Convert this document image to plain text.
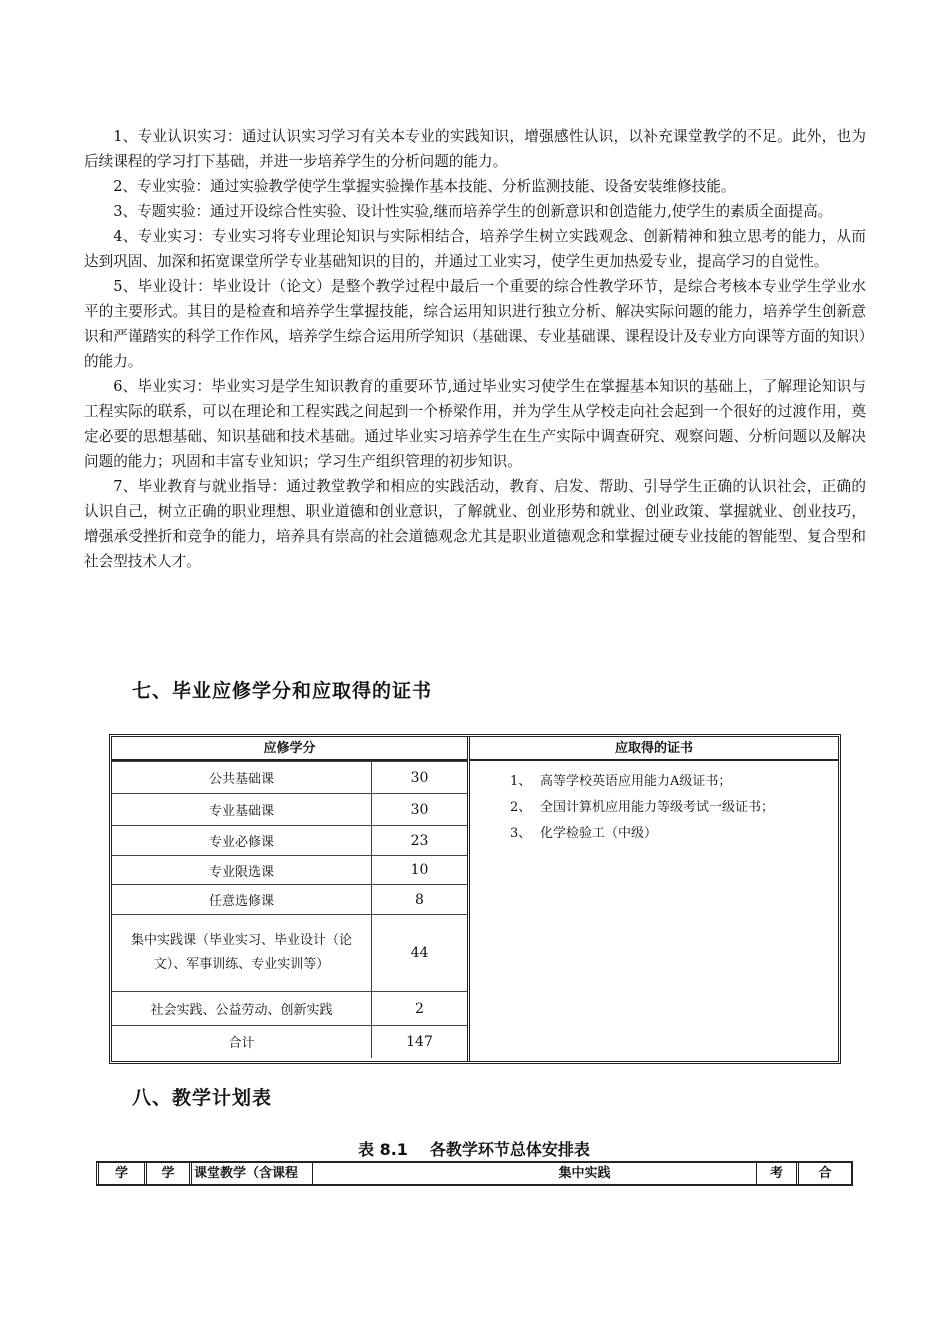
1、专业认识实习：通过认识实习学习有关本专业的实践知识，增强感性认识，以补充课堂教学的不足。此外，也为后续课程的学习打下基础，并进一步培养学生的分析问题的能力。

2、专业实验：通过实验教学使学生掌握实验操作基本技能、分析监测技能、设备安装维修技能。

3、专题实验：通过开设综合性实验、设计性实验,继而培养学生的创新意识和创造能力,使学生的素质全面提高。

4、专业实习：专业实习将专业理论知识与实际相结合，培养学生树立实践观念、创新精神和独立思考的能力，从而达到巩固、加深和拓宽课堂所学专业基础知识的目的，并通过工业实习，使学生更加热爱专业，提高学习的自觉性。

5、毕业设计：毕业设计（论文）是整个教学过程中最后一个重要的综合性教学环节，是综合考核本专业学生学业水平的主要形式。其目的是检查和培养学生掌握技能，综合运用知识进行独立分析、解决实际问题的能力，培养学生创新意识和严谨踏实的科学工作作风，培养学生综合运用所学知识（基础课、专业基础课、课程设计及专业方向课等方面的知识）的能力。

6、毕业实习：毕业实习是学生知识教育的重要环节,通过毕业实习使学生在掌握基本知识的基础上，了解理论知识与工程实际的联系，可以在理论和工程实践之间起到一个桥梁作用，并为学生从学校走向社会起到一个很好的过渡作用，奠定必要的思想基础、知识基础和技术基础。通过毕业实习培养学生在生产实际中调查研究、观察问题、分析问题以及解决问题的能力；巩固和丰富专业知识；学习生产组织管理的初步知识。

7、毕业教育与就业指导：通过教堂教学和相应的实践活动，教育、启发、帮助、引导学生正确的认识社会，正确的认识自己，树立正确的职业理想、职业道德和创业意识，了解就业、创业形势和就业、创业政策、掌握就业、创业技巧，增强承受挫折和竞争的能力，培养具有崇高的社会道德观念尤其是职业道德观念和掌握过硬专业技能的智能型、复合型和社会型技术人才。

七、毕业应修学分和应取得的证书
应修学分
公共基础课	30
专业基础课	30
专业必修课	23
专业限选课	10
任意选修课	8
集中实践课（毕业实习、毕业设计（论文）、军事训练、专业实训等）	44
社会实践、公益劳动、创新实践	2
合计	147
应取得的证书
1、 高等学校英语应用能力A级证书；
2、 全国计算机应用能力等级考试一级证书；
3、 化学检验工（中级）
八、教学计划表
表 8.1 各教学环节总体安排表
学	学	课堂教学（含课程	集中实践	考	合
